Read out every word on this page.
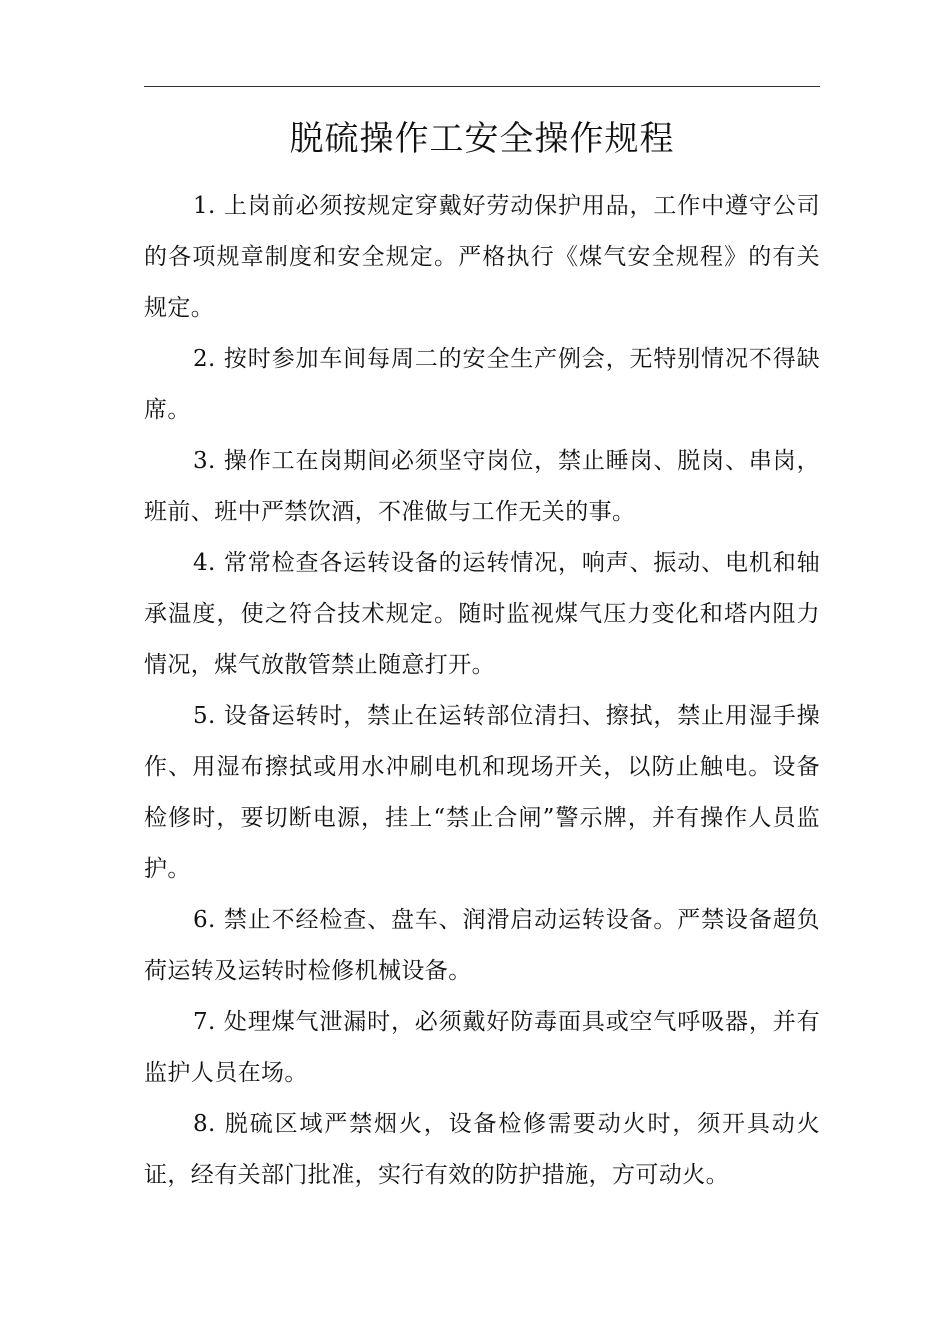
脱硫操作工安全操作规程

1. 上岗前必须按规定穿戴好劳动保护用品，工作中遵守公司的各项规章制度和安全规定。严格执行《煤气安全规程》的有关规定。

2. 按时参加车间每周二的安全生产例会，无特别情况不得缺席。

3. 操作工在岗期间必须坚守岗位，禁止睡岗、脱岗、串岗，班前、班中严禁饮酒，不准做与工作无关的事。

4. 常常检查各运转设备的运转情况，响声、振动、电机和轴承温度，使之符合技术规定。随时监视煤气压力变化和塔内阻力情况，煤气放散管禁止随意打开。

5. 设备运转时，禁止在运转部位清扫、擦拭，禁止用湿手操作、用湿布擦拭或用水冲刷电机和现场开关，以防止触电。设备检修时，要切断电源，挂上“禁止合闸”警示牌，并有操作人员监护。

6. 禁止不经检查、盘车、润滑启动运转设备。严禁设备超负荷运转及运转时检修机械设备。

7. 处理煤气泄漏时，必须戴好防毒面具或空气呼吸器，并有监护人员在场。

8. 脱硫区域严禁烟火，设备检修需要动火时，须开具动火证，经有关部门批准，实行有效的防护措施，方可动火。
